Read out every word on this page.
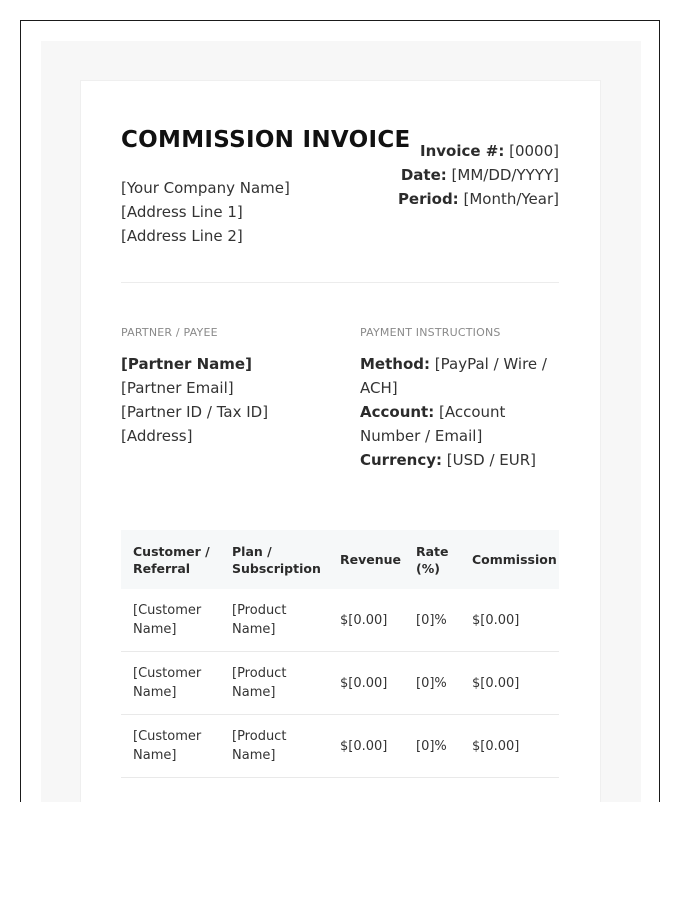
COMMISSION INVOICE
[Your Company Name]
[Address Line 1]
[Address Line 2]
Invoice #: [0000]
Date: [MM/DD/YYYY]
Period: [Month/Year]
PARTNER / PAYEE
[Partner Name]
[Partner Email]
[Partner ID / Tax ID]
[Address]
PAYMENT INSTRUCTIONS
Method: [PayPal / Wire / ACH]
Account: [Account Number / Email]
Currency: [USD / EUR]
Customer / Referral	Plan / Subscription	Revenue	Rate (%)	Commission
[Customer Name]	[Product Name]	$[0.00]	[0]%	$[0.00]
[Customer Name]	[Product Name]	$[0.00]	[0]%	$[0.00]
[Customer Name]	[Product Name]	$[0.00]	[0]%	$[0.00]
